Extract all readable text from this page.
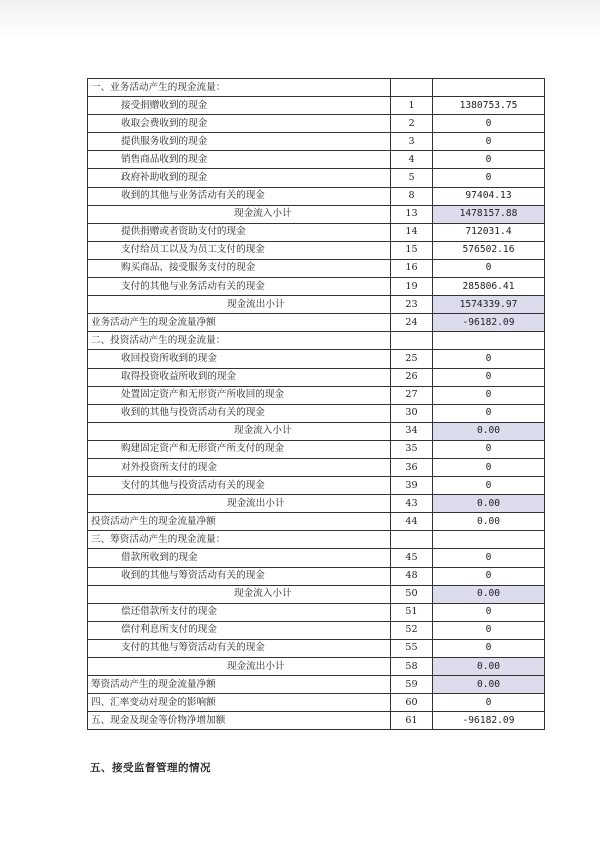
一、业务活动产生的现金流量：		
接受捐赠收到的现金	1	1380753.75
收取会费收到的现金	2	0
提供服务收到的现金	3	0
销售商品收到的现金	4	0
政府补助收到的现金	5	0
收到的其他与业务活动有关的现金	8	97404.13
现金流入小计	13	1478157.88
提供捐赠或者资助支付的现金	14	712031.4
支付给员工以及为员工支付的现金	15	576502.16
购买商品、接受服务支付的现金	16	0
支付的其他与业务活动有关的现金	19	285806.41
现金流出小计	23	1574339.97
业务活动产生的现金流量净额	24	-96182.09
二、投资活动产生的现金流量：		
收回投资所收到的现金	25	0
取得投资收益所收到的现金	26	0
处置固定资产和无形资产所收回的现金	27	0
收到的其他与投资活动有关的现金	30	0
现金流入小计	34	0.00
购建固定资产和无形资产所支付的现金	35	0
对外投资所支付的现金	36	0
支付的其他与投资活动有关的现金	39	0
现金流出小计	43	0.00
投资活动产生的现金流量净额	44	0.00
三、筹资活动产生的现金流量：		
借款所收到的现金	45	0
收到的其他与筹资活动有关的现金	48	0
现金流入小计	50	0.00
偿还借款所支付的现金	51	0
偿付利息所支付的现金	52	0
支付的其他与筹资活动有关的现金	55	0
现金流出小计	58	0.00
筹资活动产生的现金流量净额	59	0.00
四、汇率变动对现金的影响额	60	0
五、现金及现金等价物净增加额	61	-96182.09
五、接受监督管理的情况
